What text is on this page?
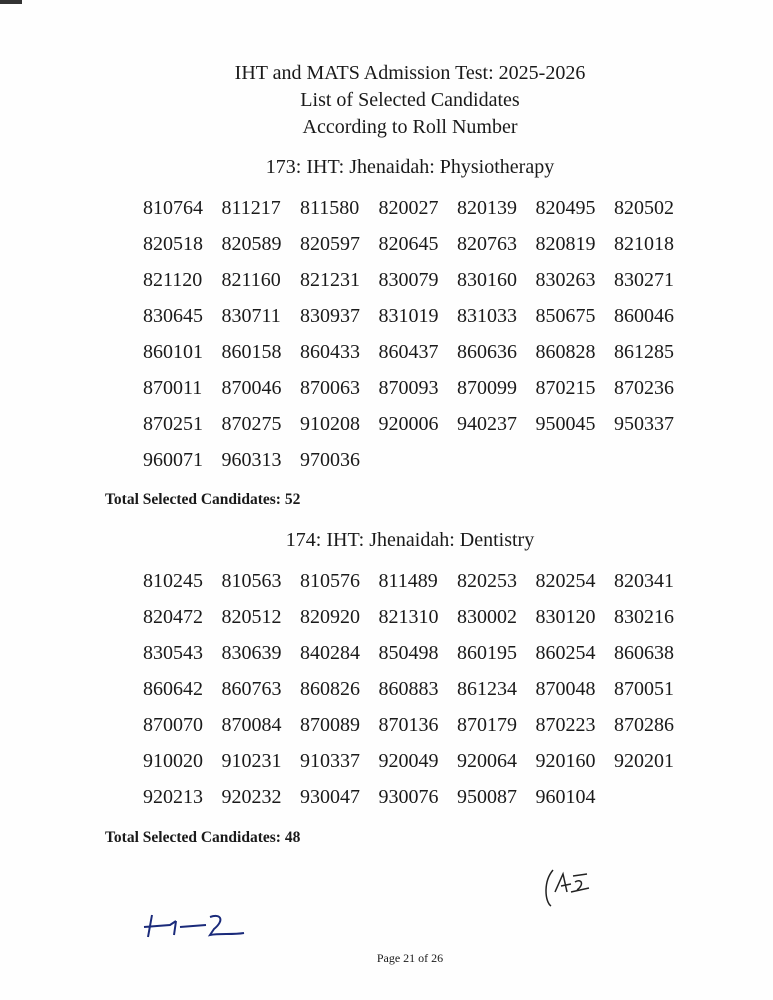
IHT and MATS Admission Test: 2025-2026
List of Selected Candidates
According to Roll Number
173: IHT: Jhenaidah: Physiotherapy
810764 811217 811580 820027 820139 820495 820502
820518 820589 820597 820645 820763 820819 821018
821120 821160 821231 830079 830160 830263 830271
830645 830711 830937 831019 831033 850675 860046
860101 860158 860433 860437 860636 860828 861285
870011 870046 870063 870093 870099 870215 870236
870251 870275 910208 920006 940237 950045 950337
960071 960313 970036
Total Selected Candidates: 52
174: IHT: Jhenaidah: Dentistry
810245 810563 810576 811489 820253 820254 820341
820472 820512 820920 821310 830002 830120 830216
830543 830639 840284 850498 860195 860254 860638
860642 860763 860826 860883 861234 870048 870051
870070 870084 870089 870136 870179 870223 870286
910020 910231 910337 920049 920064 920160 920201
920213 920232 930047 930076 950087 960104
Total Selected Candidates: 48
Page 21 of 26
